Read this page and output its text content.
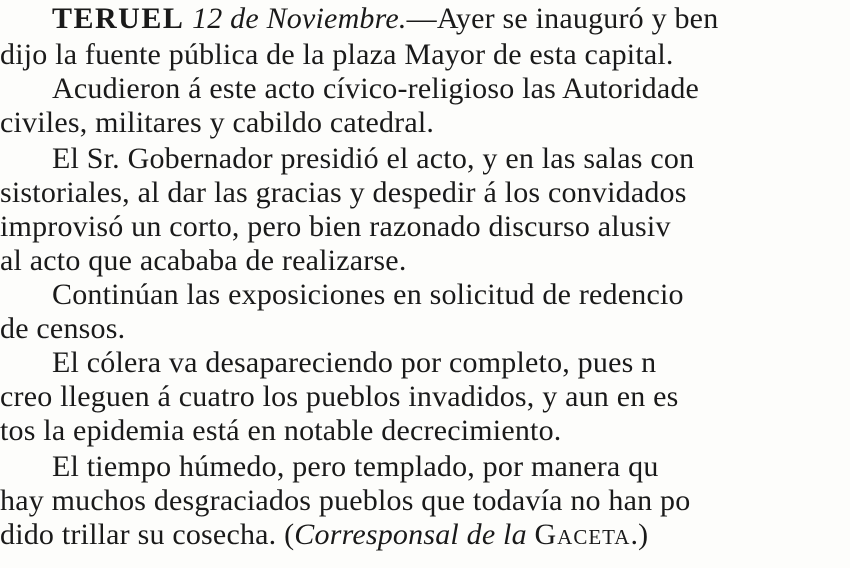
TERUEL 12 de Noviembre.—Ayer se inauguró y ben
dijo la fuente pública de la plaza Mayor de esta capital.
Acudieron á este acto cívico-religioso las Autoridade
civiles, militares y cabildo catedral.
El Sr. Gobernador presidió el acto, y en las salas con
sistoriales, al dar las gracias y despedir á los convidados
improvisó un corto, pero bien razonado discurso alusiv
al acto que acababa de realizarse.
Continúan las exposiciones en solicitud de redencio
de censos.
El cólera va desapareciendo por completo, pues n
creo lleguen á cuatro los pueblos invadidos, y aun en es
tos la epidemia está en notable decrecimiento.
El tiempo húmedo, pero templado, por manera qu
hay muchos desgraciados pueblos que todavía no han po
dido trillar su cosecha. (Corresponsal de la Gaceta.)
